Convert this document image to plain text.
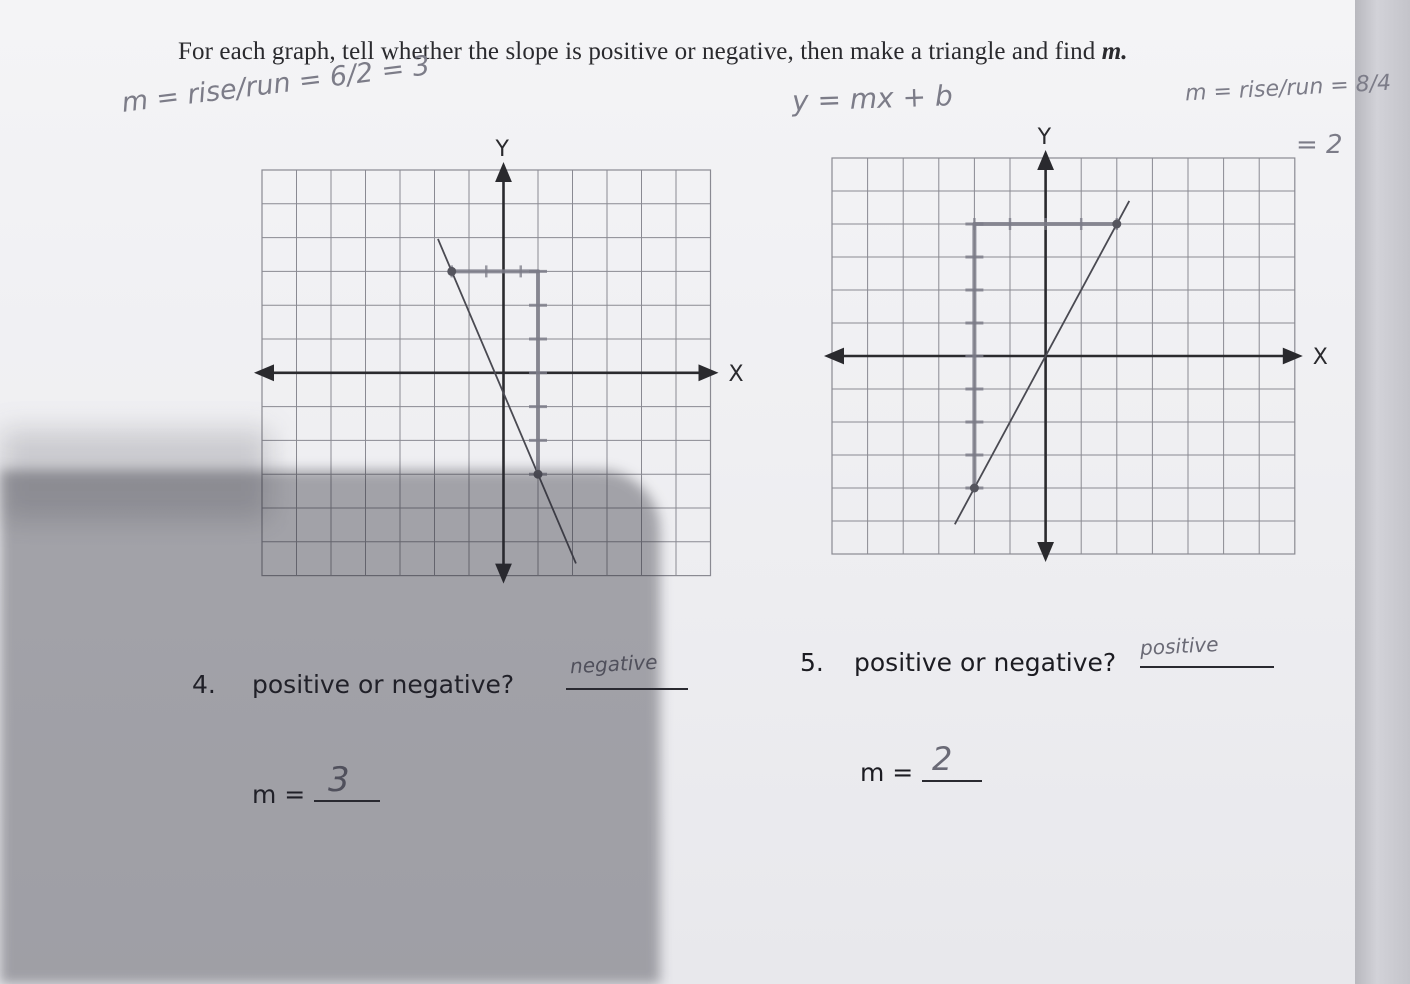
For each graph, tell whether the slope is positive or negative, then make a triangle and find m.
m = rise/run = 6/2 = 3	y = mx + b	m = rise/run = 8/4
= 2
Y
X
Y
X
4. positive or negative?
negative
m = 3
5. positive or negative?
positive
m = 2
